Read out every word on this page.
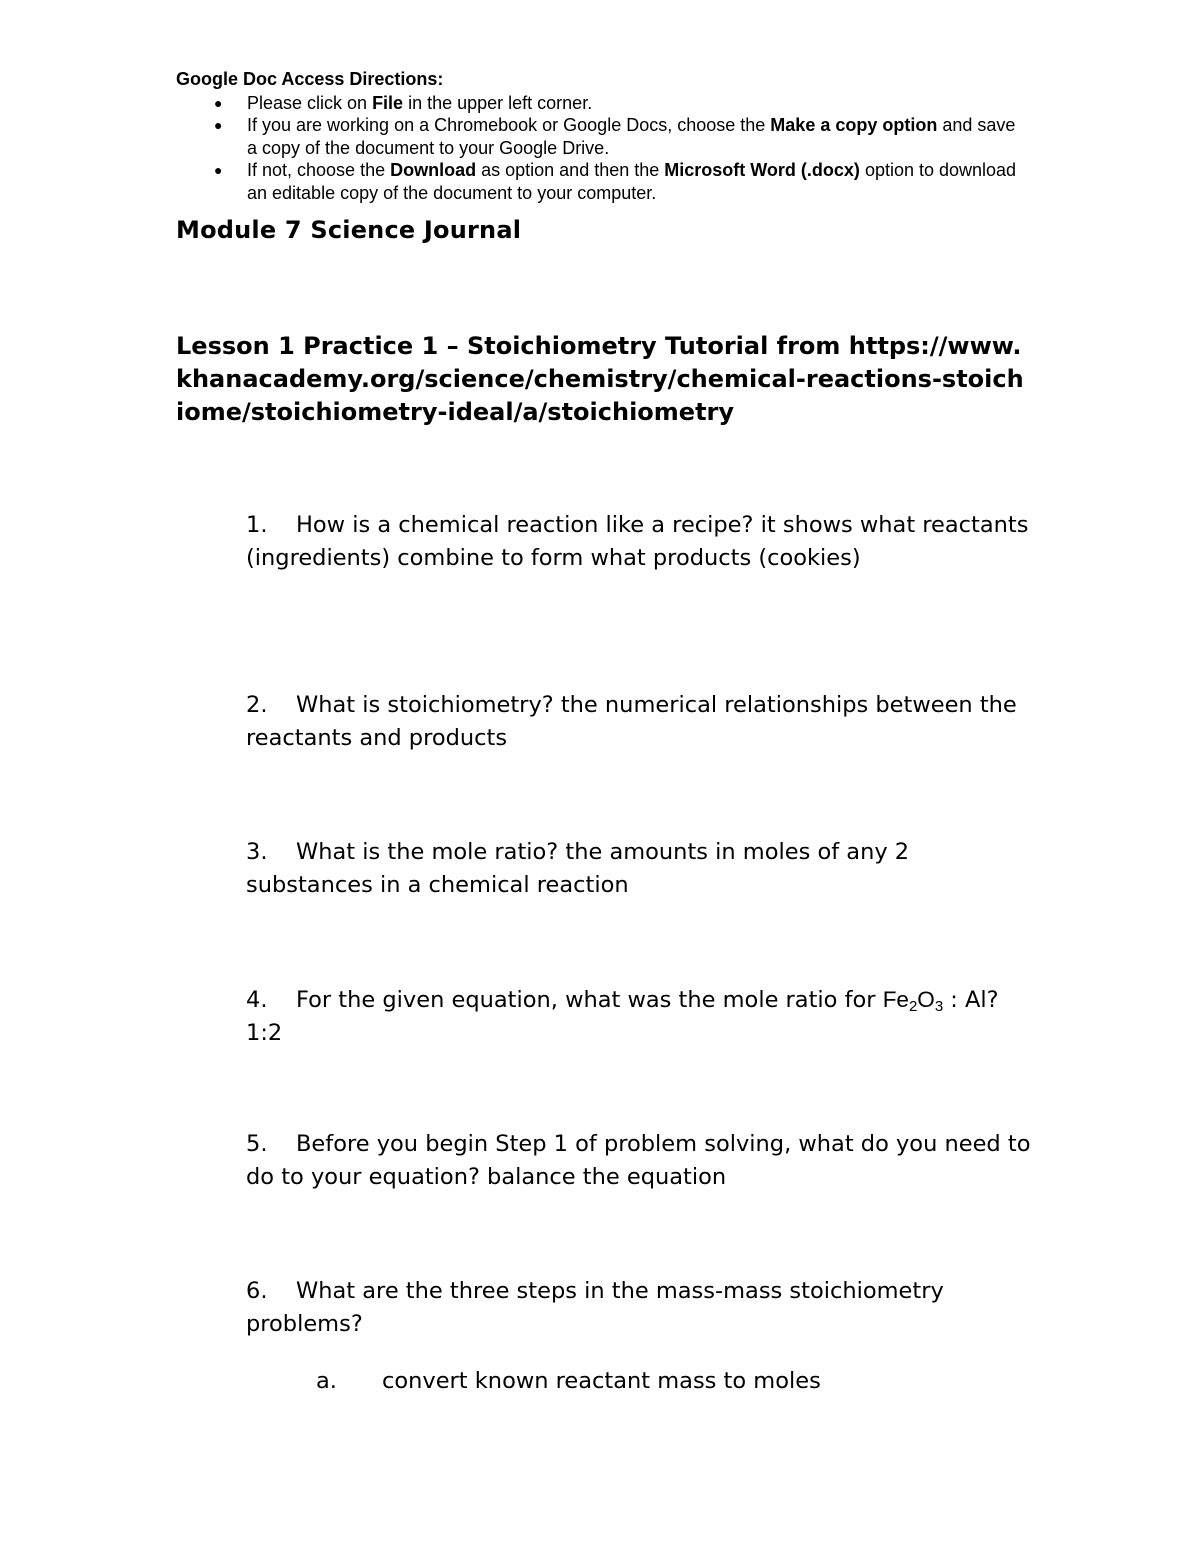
Google Doc Access Directions:
● Please click on File in the upper left corner.
● If you are working on a Chromebook or Google Docs, choose the Make a copy option and save a copy of the document to your Google Drive.
● If not, choose the Download as option and then the Microsoft Word (.docx) option to download an editable copy of the document to your computer.
Module 7 Science Journal
Lesson 1 Practice 1 – Stoichiometry Tutorial from https://www.khanacademy.org/science/chemistry/chemical-reactions-stoichiome/stoichiometry-ideal/a/stoichiometry
1. How is a chemical reaction like a recipe? it shows what reactants (ingredients) combine to form what products (cookies)
2. What is stoichiometry? the numerical relationships between the reactants and products
3. What is the mole ratio? the amounts in moles of any 2 substances in a chemical reaction
4. For the given equation, what was the mole ratio for $Fe_2O_3$ : Al? 1:2
5. Before you begin Step 1 of problem solving, what do you need to do to your equation? balance the equation
6. What are the three steps in the mass-mass stoichiometry problems?
a. convert known reactant mass to moles
